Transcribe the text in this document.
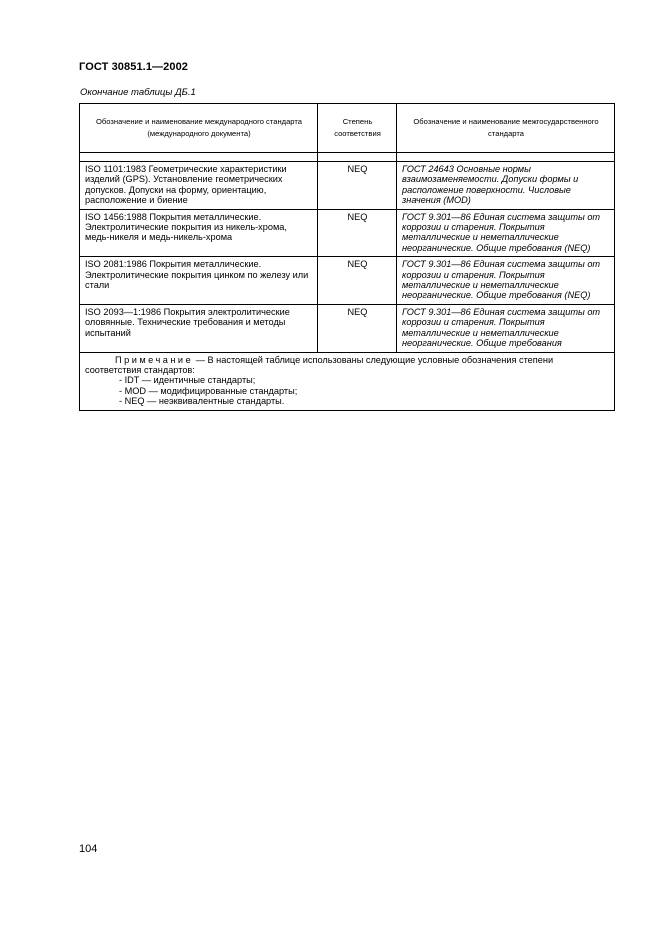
ГОСТ 30851.1—2002
Окончание таблицы ДБ.1
Обозначение и наименование международного стандарта (международного документа)	Степень соответствия	Обозначение и наименование межгосударственного стандарта

ISO 1101:1983 Геометрические характеристики изделий (GPS). Установление геометрических допусков. Допуски на форму, ориентацию, расположение и биение	NEQ	ГОСТ 24643 Основные нормы взаимозаменяемости. Допуски формы и расположение поверхности. Числовые значения (MOD)
ISO 1456:1988 Покрытия металлические. Электролитические покрытия из никель-хрома, медь-никеля и медь-никель-хрома	NEQ	ГОСТ 9.301—86 Единая система защиты от коррозии и старения. Покрытия металлические и неметаллические неорганические. Общие требования (NEQ)
ISO 2081:1986 Покрытия металлические. Электролитические покрытия цинком по железу или стали	NEQ	ГОСТ 9.301—86 Единая система защиты от коррозии и старения. Покрытия металлические и неметаллические неорганические. Общие требования (NEQ)
ISO 2093—1:1986 Покрытия электролитические оловянные. Технические требования и методы испытаний	NEQ	ГОСТ 9.301—86 Единая система защиты от коррозии и старения. Покрытия металлические и неметаллические неорганические. Общие требования

Примечание — В настоящей таблице использованы следующие условные обозначения степени соответствия стандартов:
- IDT — идентичные стандарты;
- MOD — модифицированные стандарты;
- NEQ — неэквивалентные стандарты.		
104
